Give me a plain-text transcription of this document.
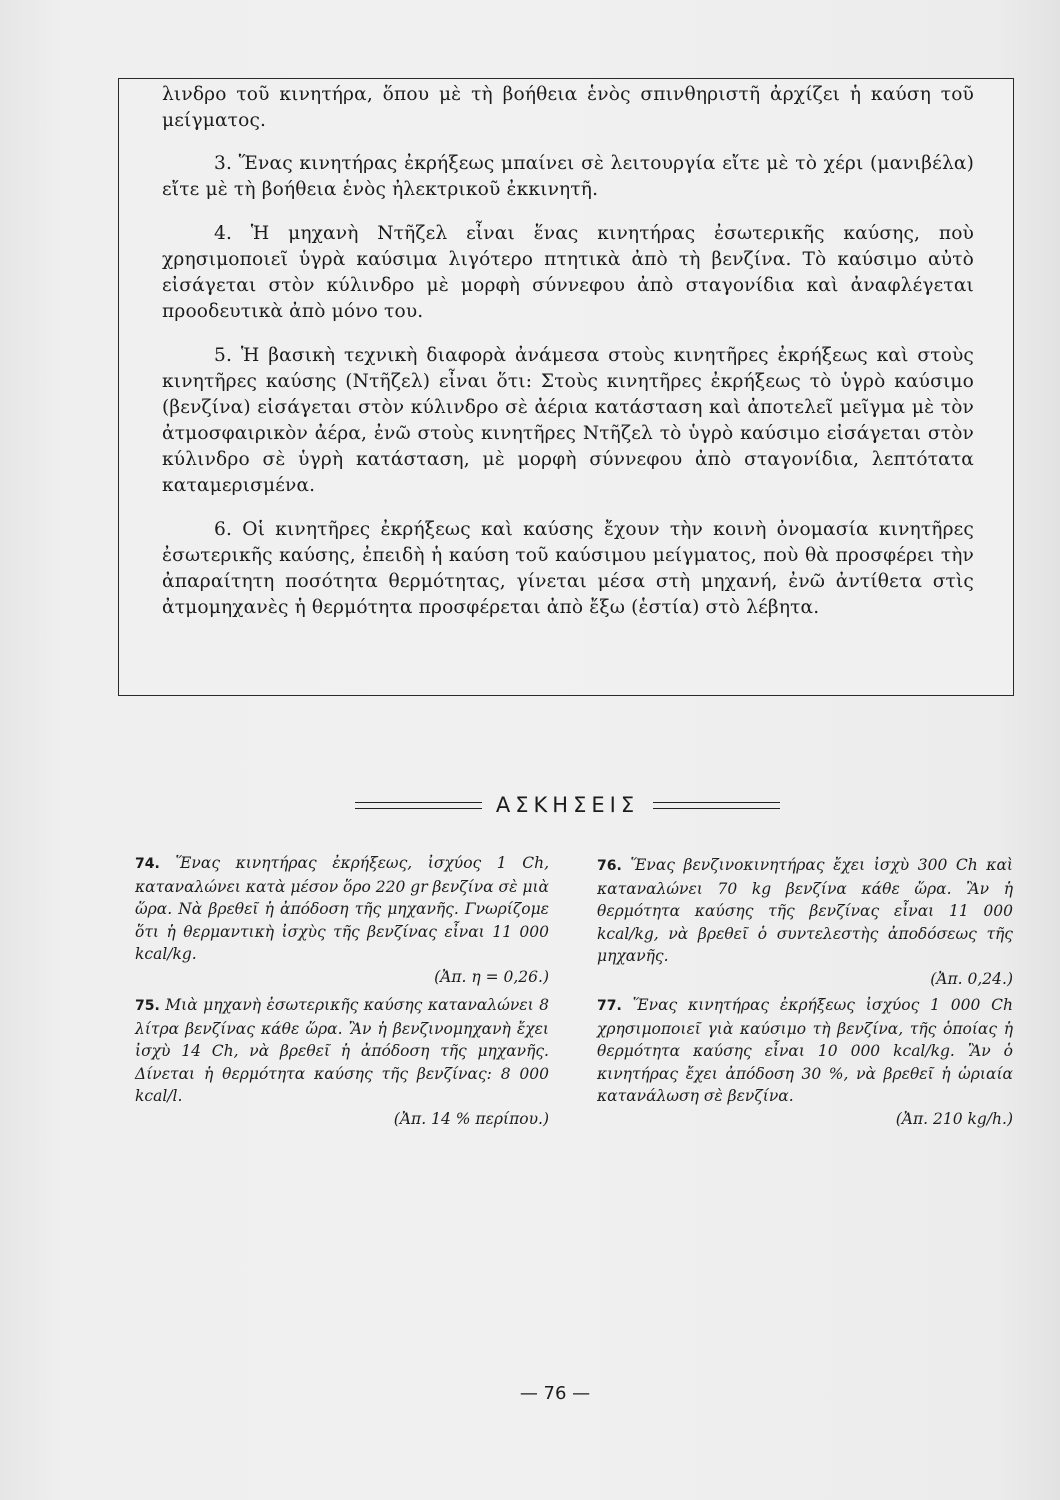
λινδρο τοῦ κινητήρα, ὅπου μὲ τὴ βοήθεια ἑνὸς σπινθηριστῆ ἀρχίζει ἡ καύση τοῦ μείγματος.

3. Ἕνας κινητήρας ἐκρήξεως μπαίνει σὲ λειτουργία εἴτε μὲ τὸ χέρι (μανιβέλα) εἴτε μὲ τὴ βοήθεια ἑνὸς ἠλεκτρικοῦ ἐκκινητῆ.

4. Ἡ μηχανὴ Ντῆζελ εἶναι ἕνας κινητήρας ἐσωτερικῆς καύσης, ποὺ χρησιμοποιεῖ ὑγρὰ καύσιμα λιγότερο πτητικὰ ἀπὸ τὴ βενζίνα. Τὸ καύσιμο αὐτὸ εἰσάγεται στὸν κύλινδρο μὲ μορφὴ σύννεφου ἀπὸ σταγονίδια καὶ ἀναφλέγεται προοδευτικὰ ἀπὸ μόνο του.

5. Ἡ βασικὴ τεχνικὴ διαφορὰ ἀνάμεσα στοὺς κινητῆρες ἐκρήξεως καὶ στοὺς κινητῆρες καύσης (Ντῆζελ) εἶναι ὅτι: Στοὺς κινητῆρες ἐκρήξεως τὸ ὑγρὸ καύσιμο (βενζίνα) εἰσάγεται στὸν κύλινδρο σὲ ἀέρια κατάσταση καὶ ἀποτελεῖ μεῖγμα μὲ τὸν ἀτμοσφαιρικὸν ἀέρα, ἐνῶ στοὺς κινητῆρες Ντῆζελ τὸ ὑγρὸ καύσιμο εἰσάγεται στὸν κύλινδρο σὲ ὑγρὴ κατάσταση, μὲ μορφὴ σύννεφου ἀπὸ σταγονίδια, λεπτότατα καταμερισμένα.

6. Οἱ κινητῆρες ἐκρήξεως καὶ καύσης ἔχουν τὴν κοινὴ ὀνομασία κινητῆρες ἐσωτερικῆς καύσης, ἐπειδὴ ἡ καύση τοῦ καύσιμου μείγματος, ποὺ θὰ προσφέρει τὴν ἀπαραίτητη ποσότητα θερμότητας, γίνεται μέσα στὴ μηχανή, ἐνῶ ἀντίθετα στὶς ἀτμομηχανὲς ἡ θερμότητα προσφέρεται ἀπὸ ἔξω (ἑστία) στὸ λέβητα.

ΑΣΚΗΣΕΙΣ
74. Ἕνας κινητήρας ἐκρήξεως, ἰσχύος 1 Ch, καταναλώνει κατὰ μέσον ὅρο 220 gr βενζίνα σὲ μιὰ ὥρα. Νὰ βρεθεῖ ἡ ἀπόδοση τῆς μηχανῆς. Γνωρίζομε ὅτι ἡ θερμαντικὴ ἰσχὺς τῆς βενζίνας εἶναι 11 000 kcal/kg.
(Ἀπ. η = 0,26.)
75. Μιὰ μηχανὴ ἐσωτερικῆς καύσης καταναλώνει 8 λίτρα βενζίνας κάθε ὥρα. Ἂν ἡ βενζινομηχανὴ ἔχει ἰσχὺ 14 Ch, νὰ βρεθεῖ ἡ ἀπόδοση τῆς μηχανῆς. Δίνεται ἡ θερμότητα καύσης τῆς βενζίνας: 8 000 kcal/l.
(Ἀπ. 14 % περίπου.)
76. Ἕνας βενζινοκινητήρας ἔχει ἰσχὺ 300 Ch καὶ καταναλώνει 70 kg βενζίνα κάθε ὥρα. Ἂν ἡ θερμότητα καύσης τῆς βενζίνας εἶναι 11 000 kcal/kg, νὰ βρεθεῖ ὁ συντελεστὴς ἀποδόσεως τῆς μηχανῆς.
(Ἀπ. 0,24.)
77. Ἕνας κινητήρας ἐκρήξεως ἰσχύος 1 000 Ch χρησιμοποιεῖ γιὰ καύσιμο τὴ βενζίνα, τῆς ὁποίας ἡ θερμότητα καύσης εἶναι 10 000 kcal/kg. Ἂν ὁ κινητήρας ἔχει ἀπόδοση 30 %, νὰ βρεθεῖ ἡ ὡριαία κατανάλωση σὲ βενζίνα.
(Ἀπ. 210 kg/h.)
— 76 —
